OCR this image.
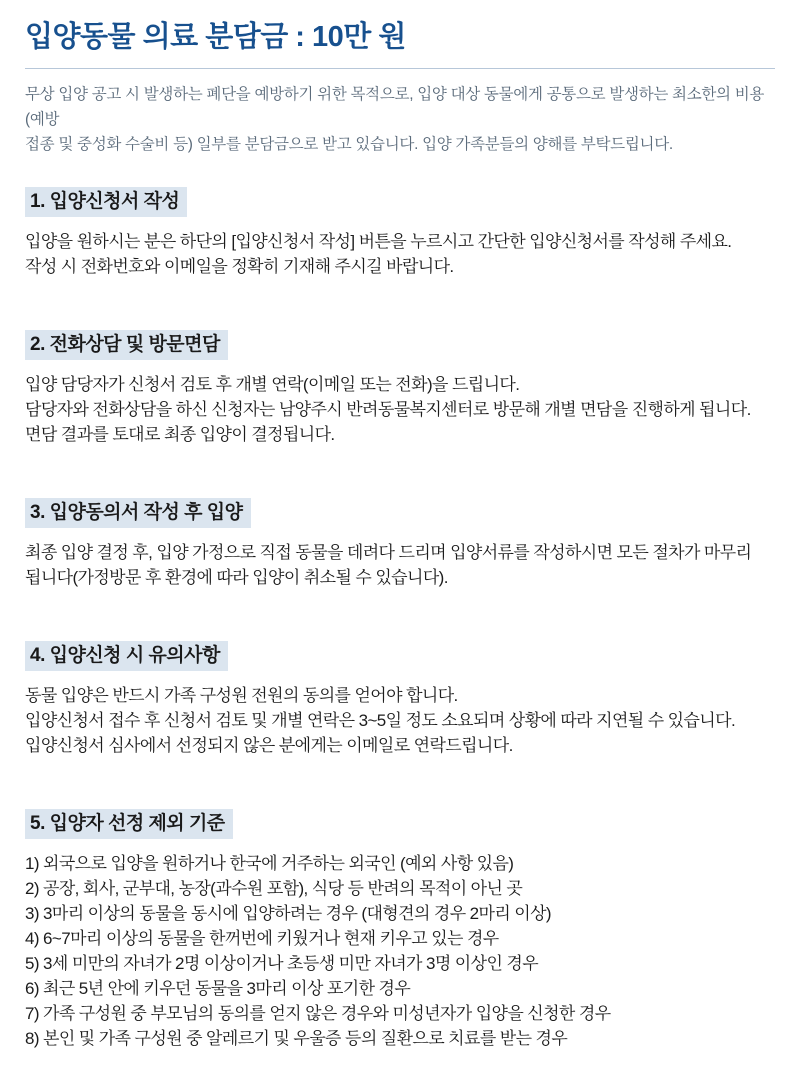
입양동물 의료 분담금 : 10만 원

무상 입양 공고 시 발생하는 폐단을 예방하기 위한 목적으로, 입양 대상 동물에게 공통으로 발생하는 최소한의 비용(예방
접종 및 중성화 수술비 등) 일부를 분담금으로 받고 있습니다. 입양 가족분들의 양해를 부탁드립니다.

1. 입양신청서 작성
입양을 원하시는 분은 하단의 [입양신청서 작성] 버튼을 누르시고 간단한 입양신청서를 작성해 주세요.
작성 시 전화번호와 이메일을 정확히 기재해 주시길 바랍니다.
2. 전화상담 및 방문면담
입양 담당자가 신청서 검토 후 개별 연락(이메일 또는 전화)을 드립니다.
담당자와 전화상담을 하신 신청자는 남양주시 반려동물복지센터로 방문해 개별 면담을 진행하게 됩니다.
면담 결과를 토대로 최종 입양이 결정됩니다.
3. 입양동의서 작성 후 입양
최종 입양 결정 후, 입양 가정으로 직접 동물을 데려다 드리며 입양서류를 작성하시면 모든 절차가 마무리
됩니다(가정방문 후 환경에 따라 입양이 취소될 수 있습니다).
4. 입양신청 시 유의사항
동물 입양은 반드시 가족 구성원 전원의 동의를 얻어야 합니다.
입양신청서 접수 후 신청서 검토 및 개별 연락은 3~5일 정도 소요되며 상황에 따라 지연될 수 있습니다.
입양신청서 심사에서 선정되지 않은 분에게는 이메일로 연락드립니다.
5. 입양자 선정 제외 기준
1) 외국으로 입양을 원하거나 한국에 거주하는 외국인 (예외 사항 있음)
2) 공장, 회사, 군부대, 농장(과수원 포함), 식당 등 반려의 목적이 아닌 곳
3) 3마리 이상의 동물을 동시에 입양하려는 경우 (대형견의 경우 2마리 이상)
4) 6~7마리 이상의 동물을 한꺼번에 키웠거나 현재 키우고 있는 경우
5) 3세 미만의 자녀가 2명 이상이거나 초등생 미만 자녀가 3명 이상인 경우
6) 최근 5년 안에 키우던 동물을 3마리 이상 포기한 경우
7) 가족 구성원 중 부모님의 동의를 얻지 않은 경우와 미성년자가 입양을 신청한 경우
8) 본인 및 가족 구성원 중 알레르기 및 우울증 등의 질환으로 치료를 받는 경우
